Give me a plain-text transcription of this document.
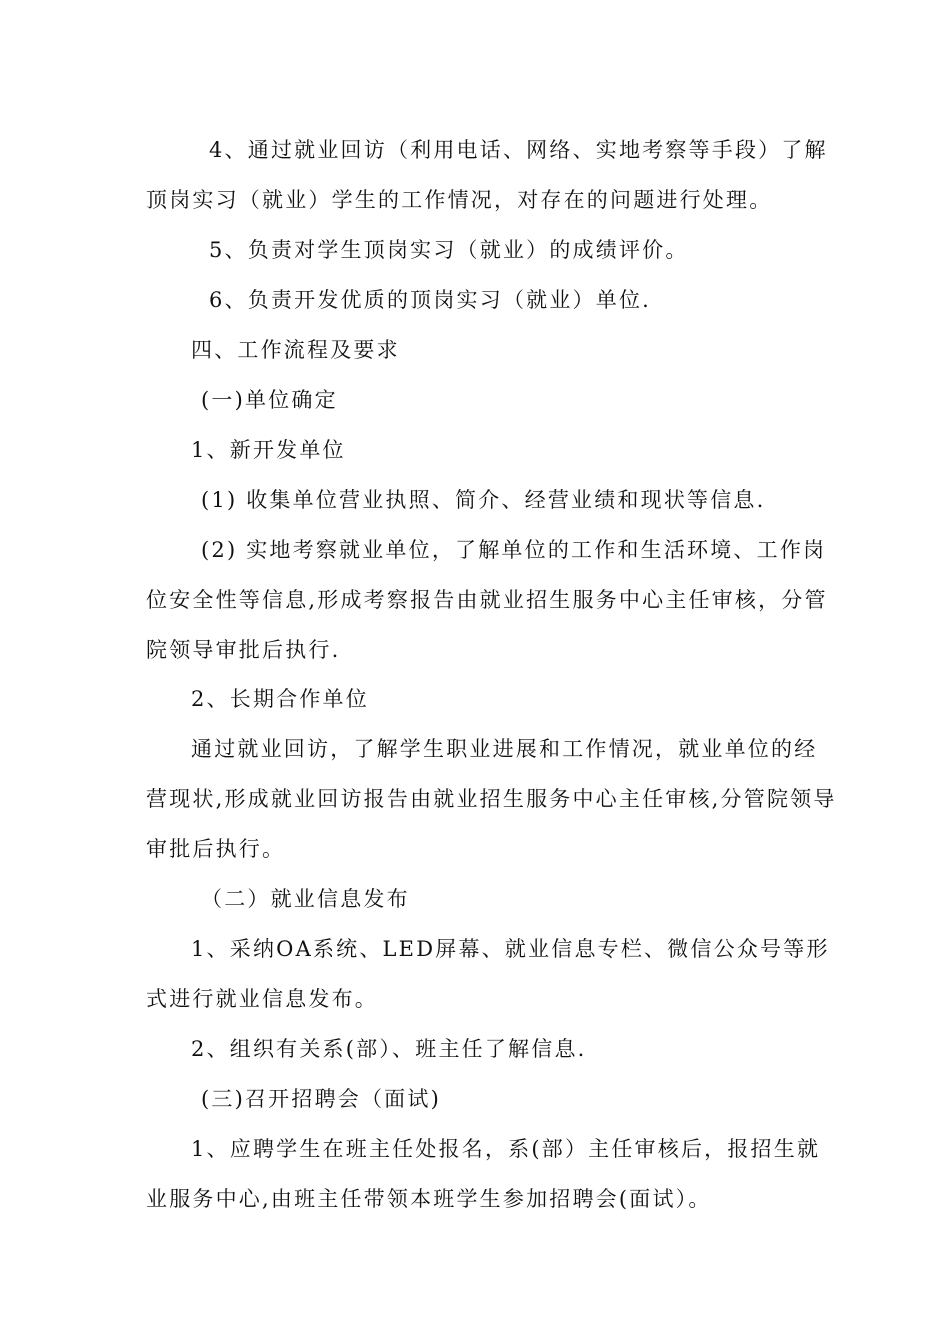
4、通过就业回访（利用电话、网络、实地考察等手段）了解
顶岗实习（就业）学生的工作情况，对存在的问题进行处理。
5、负责对学生顶岗实习（就业）的成绩评价。
6、负责开发优质的顶岗实习（就业）单位.
四、工作流程及要求
(一)单位确定
1、新开发单位
(1) 收集单位营业执照、简介、经营业绩和现状等信息.
(2) 实地考察就业单位，了解单位的工作和生活环境、工作岗
位安全性等信息,形成考察报告由就业招生服务中心主任审核，分管
院领导审批后执行.
2、长期合作单位
通过就业回访，了解学生职业进展和工作情况，就业单位的经
营现状,形成就业回访报告由就业招生服务中心主任审核,分管院领导
审批后执行。
（二）就业信息发布
1、采纳OA系统、LED屏幕、就业信息专栏、微信公众号等形
式进行就业信息发布。
2、组织有关系(部）、班主任了解信息.
(三)召开招聘会（面试)
1、应聘学生在班主任处报名，系(部）主任审核后，报招生就
业服务中心,由班主任带领本班学生参加招聘会(面试）。
